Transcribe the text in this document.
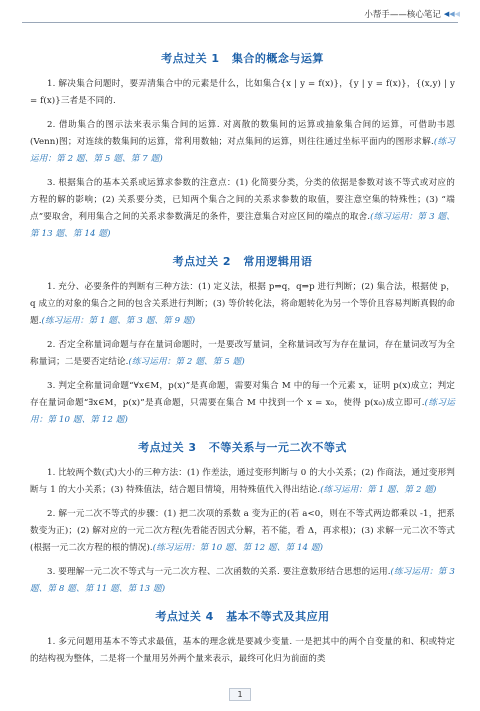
小帮手——核心笔记 ◀ ◀ ◀
考点过关 1 集合的概念与运算

1. 解决集合问题时，要弄清集合中的元素是什么，比如集合{x | y = f(x)}，{y | y = f(x)}，{(x,y) | y = f(x)}三者是不同的.

2. 借助集合的图示法来表示集合间的运算. 对离散的数集间的运算或抽象集合间的运算，可借助韦恩(Venn)图；对连续的数集间的运算，常利用数轴；对点集间的运算，则往往通过坐标平面内的图形求解.(练习运用：第 2 题、第 5 题、第 7 题)

3. 根据集合的基本关系或运算求参数的注意点：(1) 化简要分类，分类的依据是参数对该不等式或对应的方程的解的影响；(2) 关系要分类，已知两个集合之间的关系求参数的取值，要注意空集的特殊性；(3) “端点”要取舍，利用集合之间的关系求参数满足的条件，要注意集合对应区间的端点的取舍.(练习运用：第 3 题、第 13 题、第 14 题)

考点过关 2 常用逻辑用语

1. 充分、必要条件的判断有三种方法：(1) 定义法，根据 p⇒q，q⇒p 进行判断；(2) 集合法，根据使 p，q 成立的对象的集合之间的包含关系进行判断；(3) 等价转化法，将命题转化为另一个等价且容易判断真假的命题.(练习运用：第 1 题、第 3 题、第 9 题)

2. 否定全称量词命题与存在量词命题时，一是要改写量词，全称量词改写为存在量词，存在量词改写为全称量词；二是要否定结论.(练习运用：第 2 题、第 5 题)

3. 判定全称量词命题“∀x∈M，p(x)”是真命题，需要对集合 M 中的每一个元素 x，证明 p(x)成立；判定存在量词命题“∃x∈M，p(x)”是真命题，只需要在集合 M 中找到一个 x = x₀，使得 p(x₀)成立即可.(练习运用：第 10 题、第 12 题)

考点过关 3 不等关系与一元二次不等式

1. 比较两个数(式)大小的三种方法：(1) 作差法，通过变形判断与 0 的大小关系；(2) 作商法，通过变形判断与 1 的大小关系；(3) 特殊值法，结合题目情境，用特殊值代入得出结论.(练习运用：第 1 题、第 2 题)

2. 解一元二次不等式的步骤：(1) 把二次项的系数 a 变为正的(若 a<0，则在不等式两边都乘以 -1，把系数变为正)；(2) 解对应的一元二次方程(先看能否因式分解，若不能，看 Δ，再求根)；(3) 求解一元二次不等式(根据一元二次方程的根的情况).(练习运用：第 10 题、第 12 题、第 14 题)

3. 要理解一元二次不等式与一元二次方程、二次函数的关系. 要注意数形结合思想的运用.(练习运用：第 3 题、第 8 题、第 11 题、第 13 题)

考点过关 4 基本不等式及其应用

1. 多元问题用基本不等式求最值，基本的理念就是要减少变量. 一是把其中的两个自变量的和、积或特定的结构视为整体，二是将一个量用另外两个量来表示，最终可化归为前面的类

1
